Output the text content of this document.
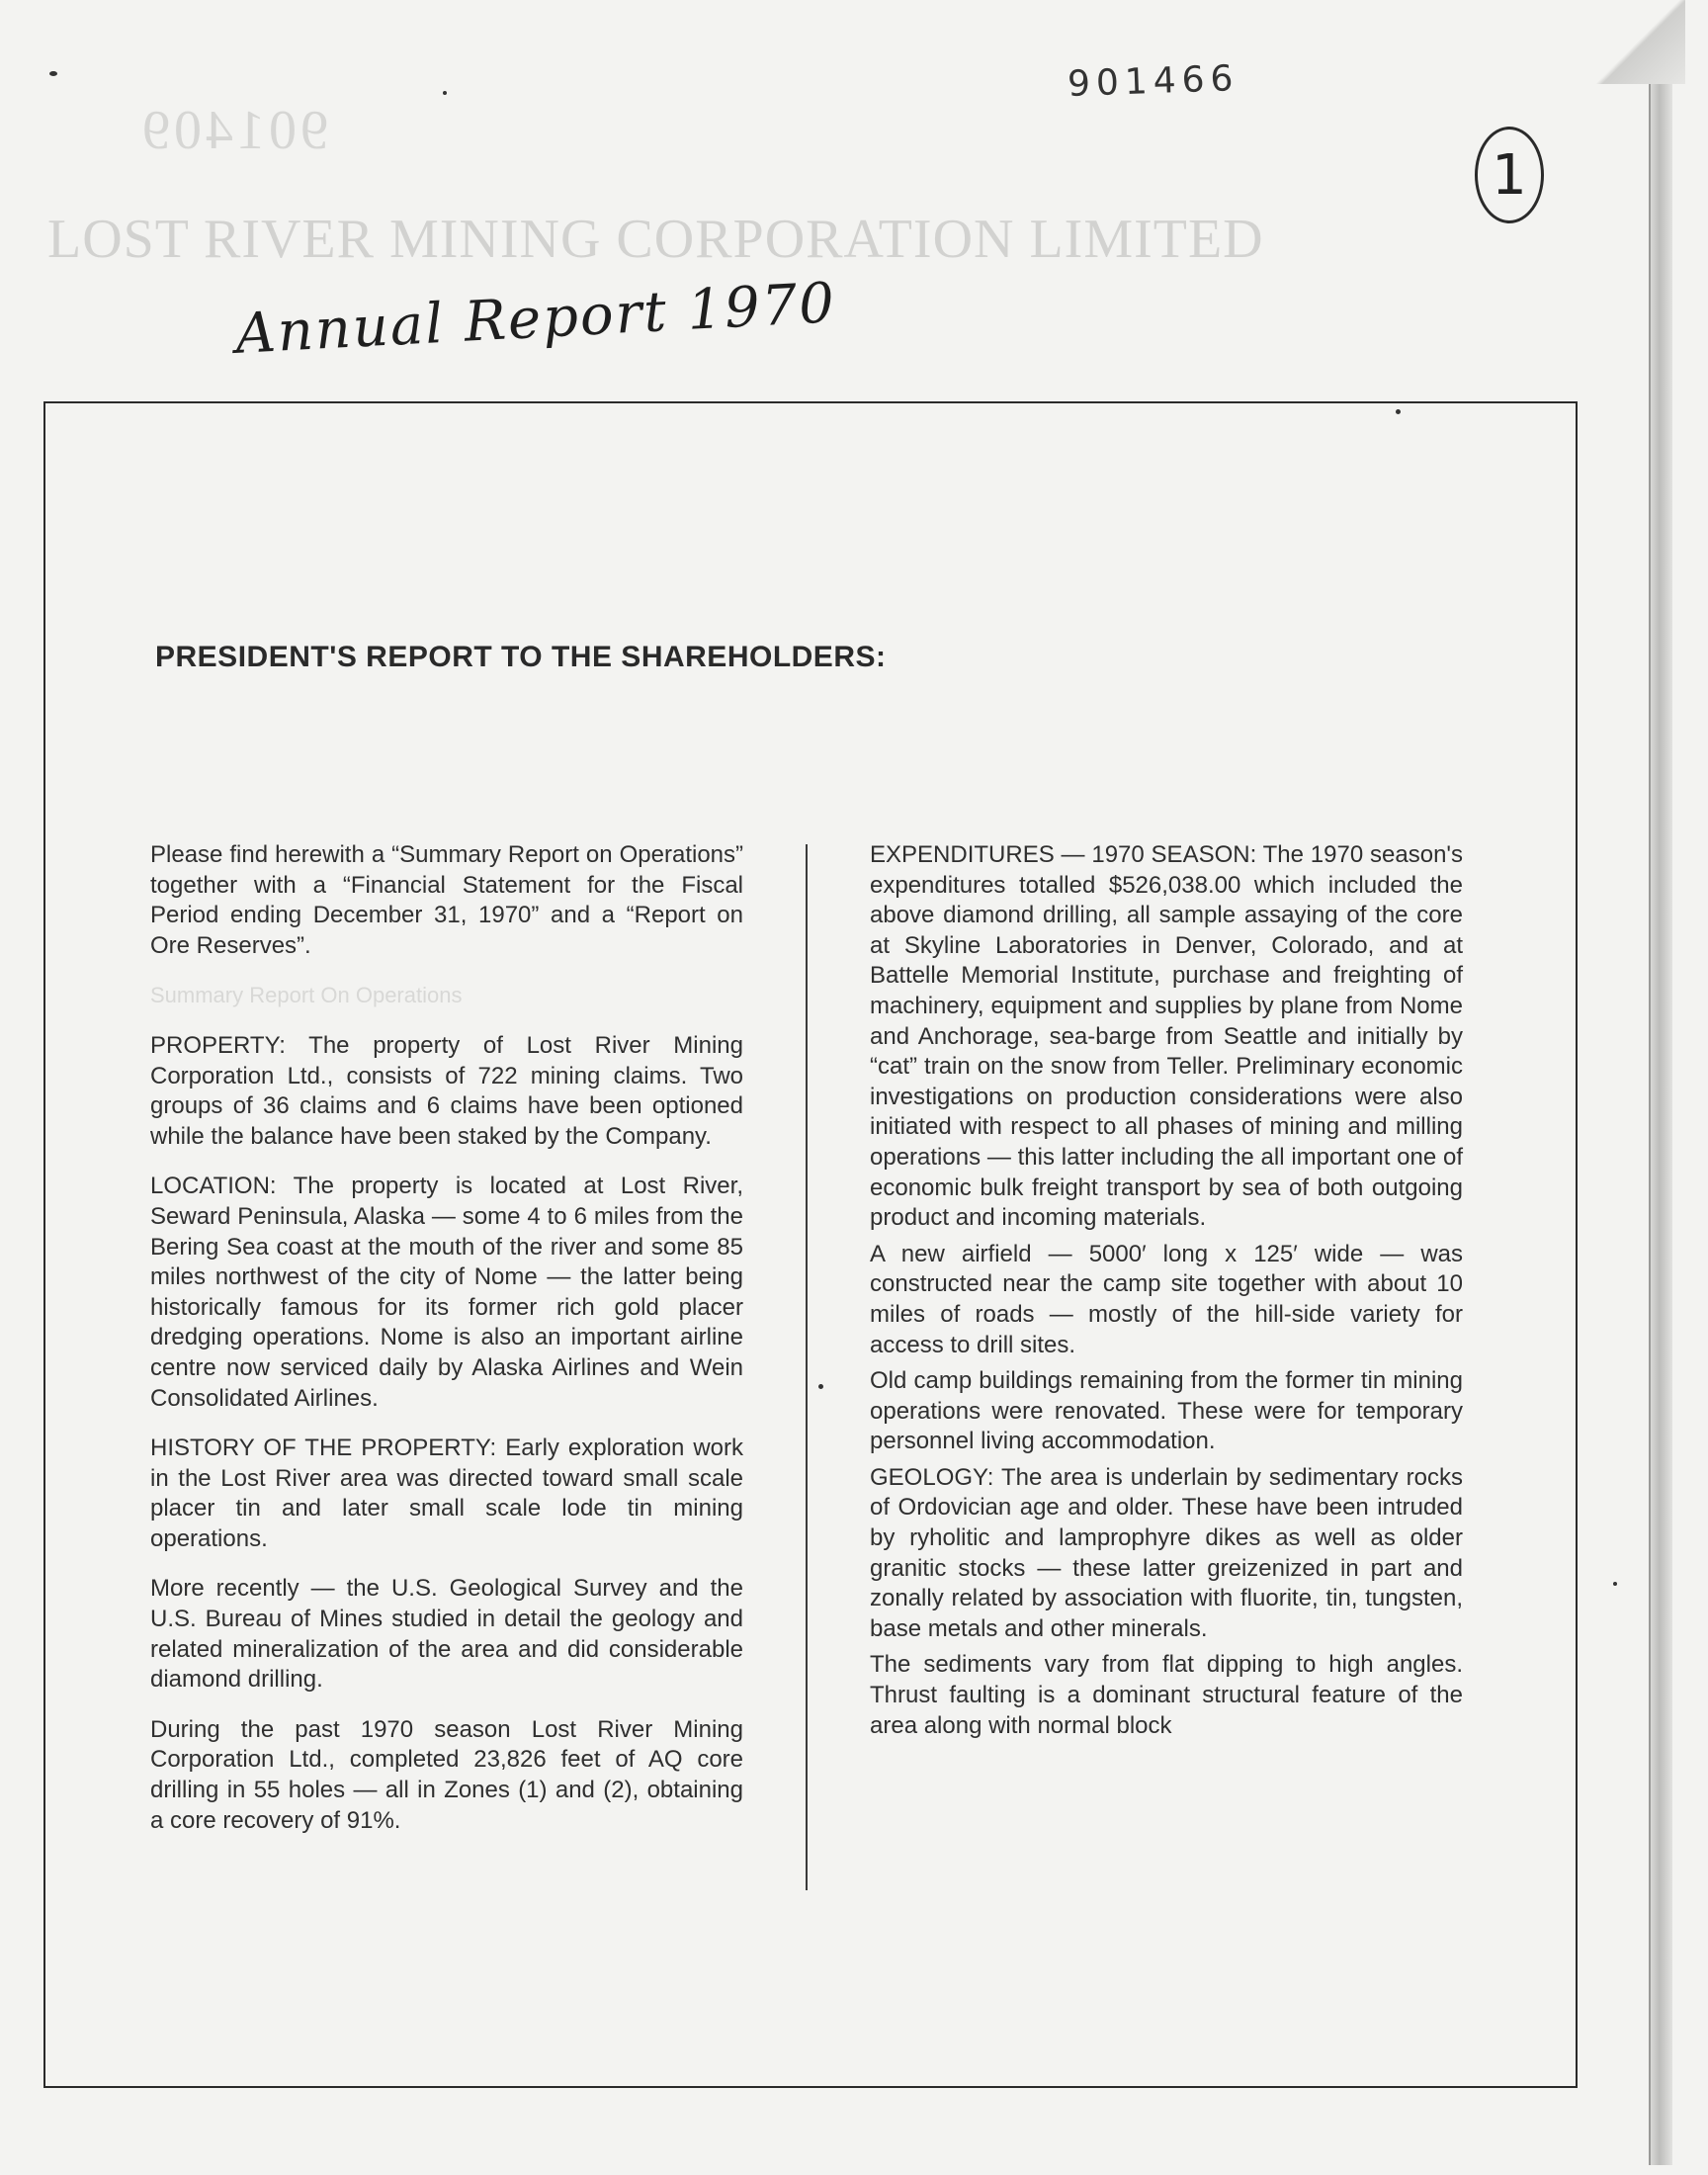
901409
901466
1
LOST RIVER MINING CORPORATION LIMITED
Annual Report 1970
PRESIDENT'S REPORT TO THE SHAREHOLDERS:

Please find herewith a “Summary Report on Operations” together with a “Financial Statement for the Fiscal Period ending December 31, 1970” and a “Report on Ore Reserves”.

Summary Report On Operations

PROPERTY: The property of Lost River Mining Corporation Ltd., consists of 722 mining claims. Two groups of 36 claims and 6 claims have been optioned while the balance have been staked by the Company.

LOCATION: The property is located at Lost River, Seward Peninsula, Alaska — some 4 to 6 miles from the Bering Sea coast at the mouth of the river and some 85 miles northwest of the city of Nome — the latter being historically famous for its former rich gold placer dredging operations. Nome is also an important airline centre now serviced daily by Alaska Airlines and Wein Consolidated Airlines.

HISTORY OF THE PROPERTY: Early exploration work in the Lost River area was directed toward small scale placer tin and later small scale lode tin mining operations.

More recently — the U.S. Geological Survey and the U.S. Bureau of Mines studied in detail the geology and related mineralization of the area and did considerable diamond drilling.

During the past 1970 season Lost River Mining Corporation Ltd., completed 23,826 feet of AQ core drilling in 55 holes — all in Zones (1) and (2), obtaining a core recovery of 91%.

EXPENDITURES — 1970 SEASON: The 1970 season's expenditures totalled $526,038.00 which included the above diamond drilling, all sample assaying of the core at Skyline Laboratories in Denver, Colorado, and at Battelle Memorial Institute, purchase and freighting of machinery, equipment and supplies by plane from Nome and Anchorage, sea-barge from Seattle and initially by “cat” train on the snow from Teller. Preliminary economic investigations on production considerations were also initiated with respect to all phases of mining and milling operations — this latter including the all important one of economic bulk freight transport by sea of both outgoing product and incoming materials.

A new airfield — 5000′ long x 125′ wide — was constructed near the camp site together with about 10 miles of roads — mostly of the hill-side variety for access to drill sites.

Old camp buildings remaining from the former tin mining operations were renovated. These were for temporary personnel living accommodation.

GEOLOGY: The area is underlain by sedimentary rocks of Ordovician age and older. These have been intruded by ryholitic and lamprophyre dikes as well as older granitic stocks — these latter greizenized in part and zonally related by association with fluorite, tin, tungsten, base metals and other minerals.

The sediments vary from flat dipping to high angles. Thrust faulting is a dominant structural feature of the area along with normal block
